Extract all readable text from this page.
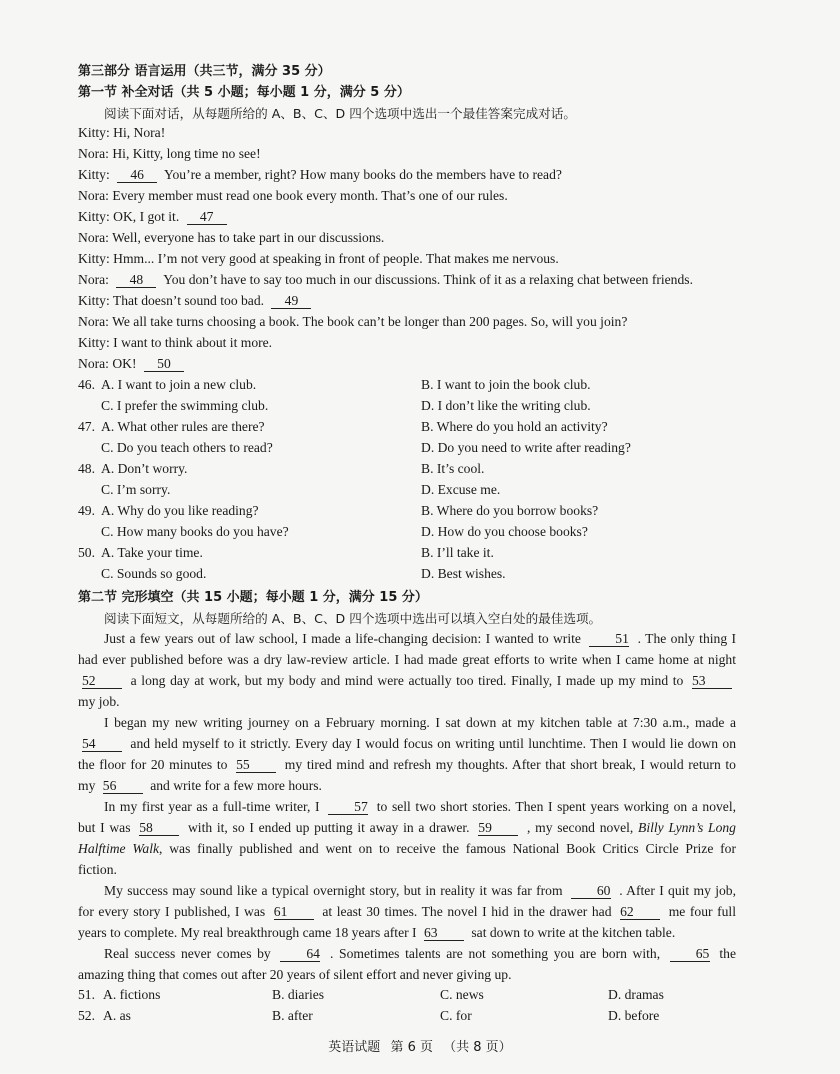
第三部分 语言运用（共三节，满分 35 分）
第一节 补全对话（共 5 小题；每小题 1 分，满分 5 分）
阅读下面对话，从每题所给的 A、B、C、D 四个选项中选出一个最佳答案完成对话。
Kitty: Hi, Nora!
Nora: Hi, Kitty, long time no see!
Kitty: 46 You’re a member, right? How many books do the members have to read?
Nora: Every member must read one book every month. That’s one of our rules.
Kitty: OK, I got it. 47
Nora: Well, everyone has to take part in our discussions.
Kitty: Hmm... I’m not very good at speaking in front of people. That makes me nervous.
Nora: 48 You don’t have to say too much in our discussions. Think of it as a relaxing chat between friends.
Kitty: That doesn’t sound too bad. 49
Nora: We all take turns choosing a book. The book can’t be longer than 200 pages. So, will you join?
Kitty: I want to think about it more.
Nora: OK! 50
46. A. I want to join a new club.	B. I want to join the book club.
C. I prefer the swimming club.	D. I don’t like the writing club.
47. A. What other rules are there?	B. Where do you hold an activity?
C. Do you teach others to read?	D. Do you need to write after reading?
48. A. Don’t worry.	B. It’s cool.
C. I’m sorry.	D. Excuse me.
49. A. Why do you like reading?	B. Where do you borrow books?
C. How many books do you have?	D. How do you choose books?
50. A. Take your time.	B. I’ll take it.
C. Sounds so good.	D. Best wishes.
第二节 完形填空（共 15 小题；每小题 1 分，满分 15 分）
阅读下面短文，从每题所给的 A、B、C、D 四个选项中选出可以填入空白处的最佳选项。
Just a few years out of law school, I made a life-changing decision: I wanted to write	51 . The only thing I
had ever published before was a dry law-review article. I had made great efforts to write when I came home at night
52	a long day at work, but my body and mind were actually too tired. Finally, I made up my mind to 53
my job.
I began my new writing journey on a February morning. I sat down at my kitchen table at 7:30 a.m., made a
54	and held myself to it strictly. Every day I would focus on writing until lunchtime. Then I would lie down on
the floor for 20 minutes to 55	my tired mind and refresh my thoughts. After that short break, I would return to
my 56 and write for a few more hours.
In my first year as a full-time writer, I	57 to sell two short stories. Then I spent years working on a novel,
but I was 58	with it, so I ended up putting it away in a drawer. 59	, my second novel, Billy Lynn’s Long
Halftime Walk, was finally published and went on to receive the famous National Book Critics Circle Prize for
fiction.
My success may sound like a typical overnight story, but in reality it was far from	60 . After I quit my job,
for every story I published, I was 61	at least 30 times. The novel I hid in the drawer had 62	me four full
years to complete. My real breakthrough came 18 years after I 63 sat down to write at the kitchen table.
Real success never comes by	64 . Sometimes talents are not something you are born with,	65 the
amazing thing that comes out after 20 years of silent effort and never giving up.
51. A. fictions	B. diaries	C. news	D. dramas
52. A. as	B. after	C. for	D. before
英语试题 第 6 页 （共 8 页）
